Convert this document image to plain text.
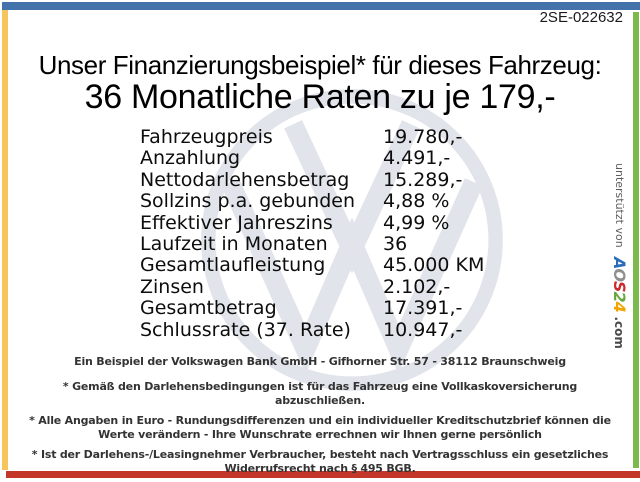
2SE-022632
Unser Finanzierungsbeispiel* für dieses Fahrzeug:
36 Monatliche Raten zu je 179,-
Fahrzeugpreis	19.780,-
Anzahlung	4.491,-
Nettodarlehensbetrag	15.289,-
Sollzins p.a. gebunden	4,88 %
Effektiver Jahreszins	4,99 %
Laufzeit in Monaten	36
Gesamtlaufleistung	45.000 KM
Zinsen	2.102,-
Gesamtbetrag	17.391,-
Schlussrate (37. Rate)	10.947,-
unterstützt vonAOS24.com
Ein Beispiel der Volkswagen Bank GmbH - Gifhorner Str. 57 - 38112 Braunschweig
* Gemäß den Darlehensbedingungen ist für das Fahrzeug eine Vollkaskoversicherung abzuschließen.
* Alle Angaben in Euro - Rundungsdifferenzen und ein individueller Kreditschutzbrief können die Werte verändern - Ihre Wunschrate errechnen wir Ihnen gerne persönlich
* Ist der Darlehens-/Leasingnehmer Verbraucher, besteht nach Vertragsschluss ein gesetzliches Widerrufsrecht nach § 495 BGB.
